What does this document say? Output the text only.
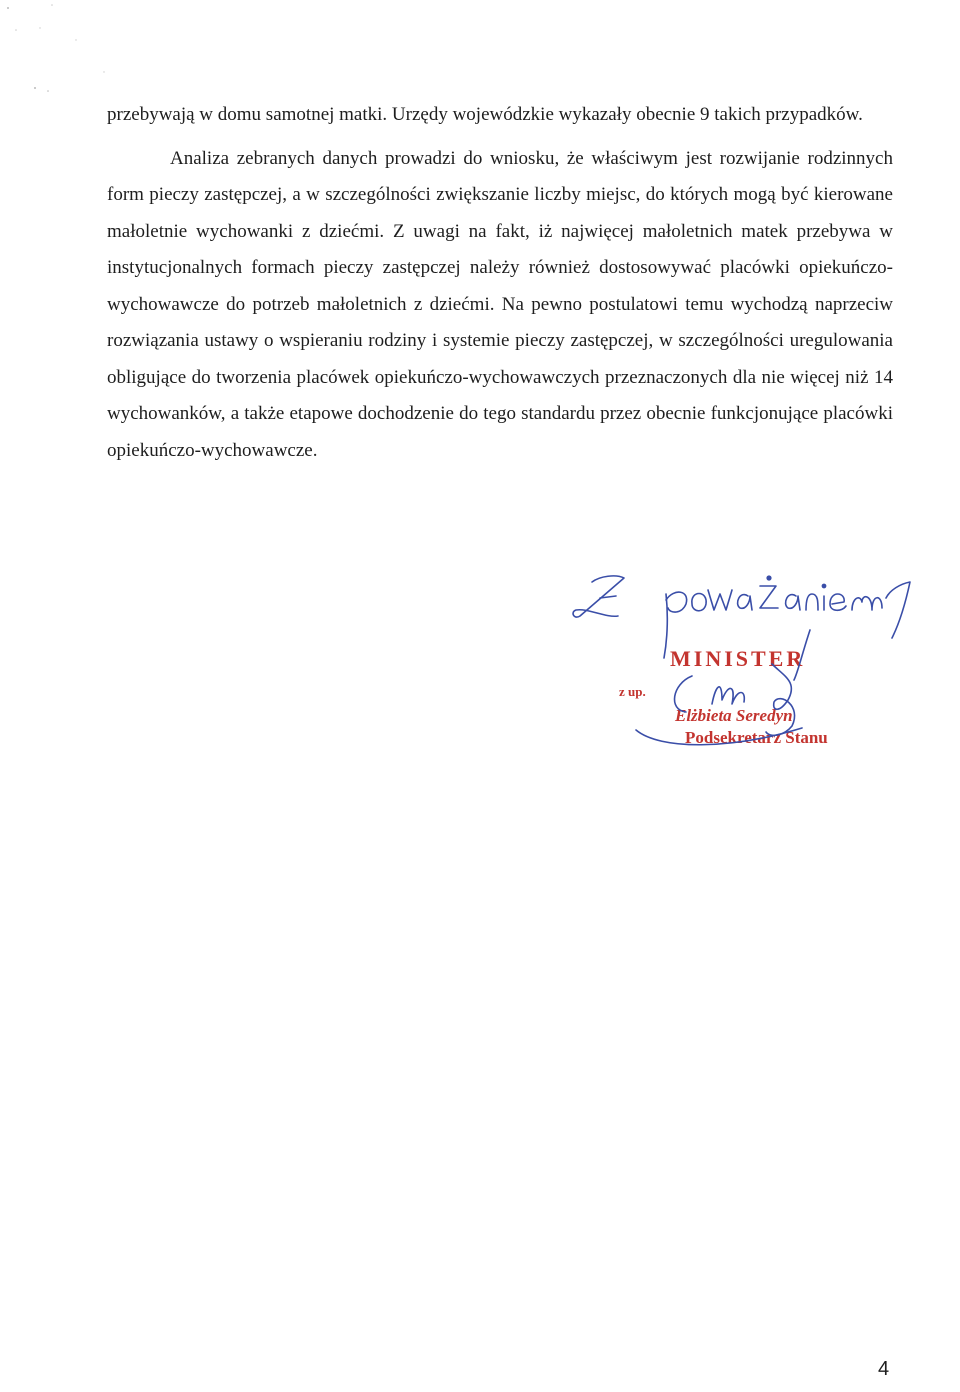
przebywają w domu samotnej matki. Urzędy wojewódzkie wykazały obecnie 9 takich przypadków.

Analiza zebranych danych prowadzi do wniosku, że właściwym jest rozwijanie rodzinnych form pieczy zastępczej, a w szczególności zwiększanie liczby miejsc, do których mogą być kierowane małoletnie wychowanki z dziećmi. Z uwagi na fakt, iż najwięcej małoletnich matek przebywa w instytucjonalnych formach pieczy zastępczej należy również dostosowywać placówki opiekuńczo-wychowawcze do potrzeb małoletnich z dziećmi. Na pewno postulatowi temu wychodzą naprzeciw rozwiązania ustawy o wspieraniu rodziny i systemie pieczy zastępczej, w szczególności uregulowania obligujące do tworzenia placówek opiekuńczo-wychowawczych przeznaczonych dla nie więcej niż 14 wychowanków, a także etapowe dochodzenie do tego standardu przez obecnie funkcjonujące placówki opiekuńczo-wychowawcze.

MINISTER
z up.
Elżbieta Seredyn
Podsekretarz Stanu
4
